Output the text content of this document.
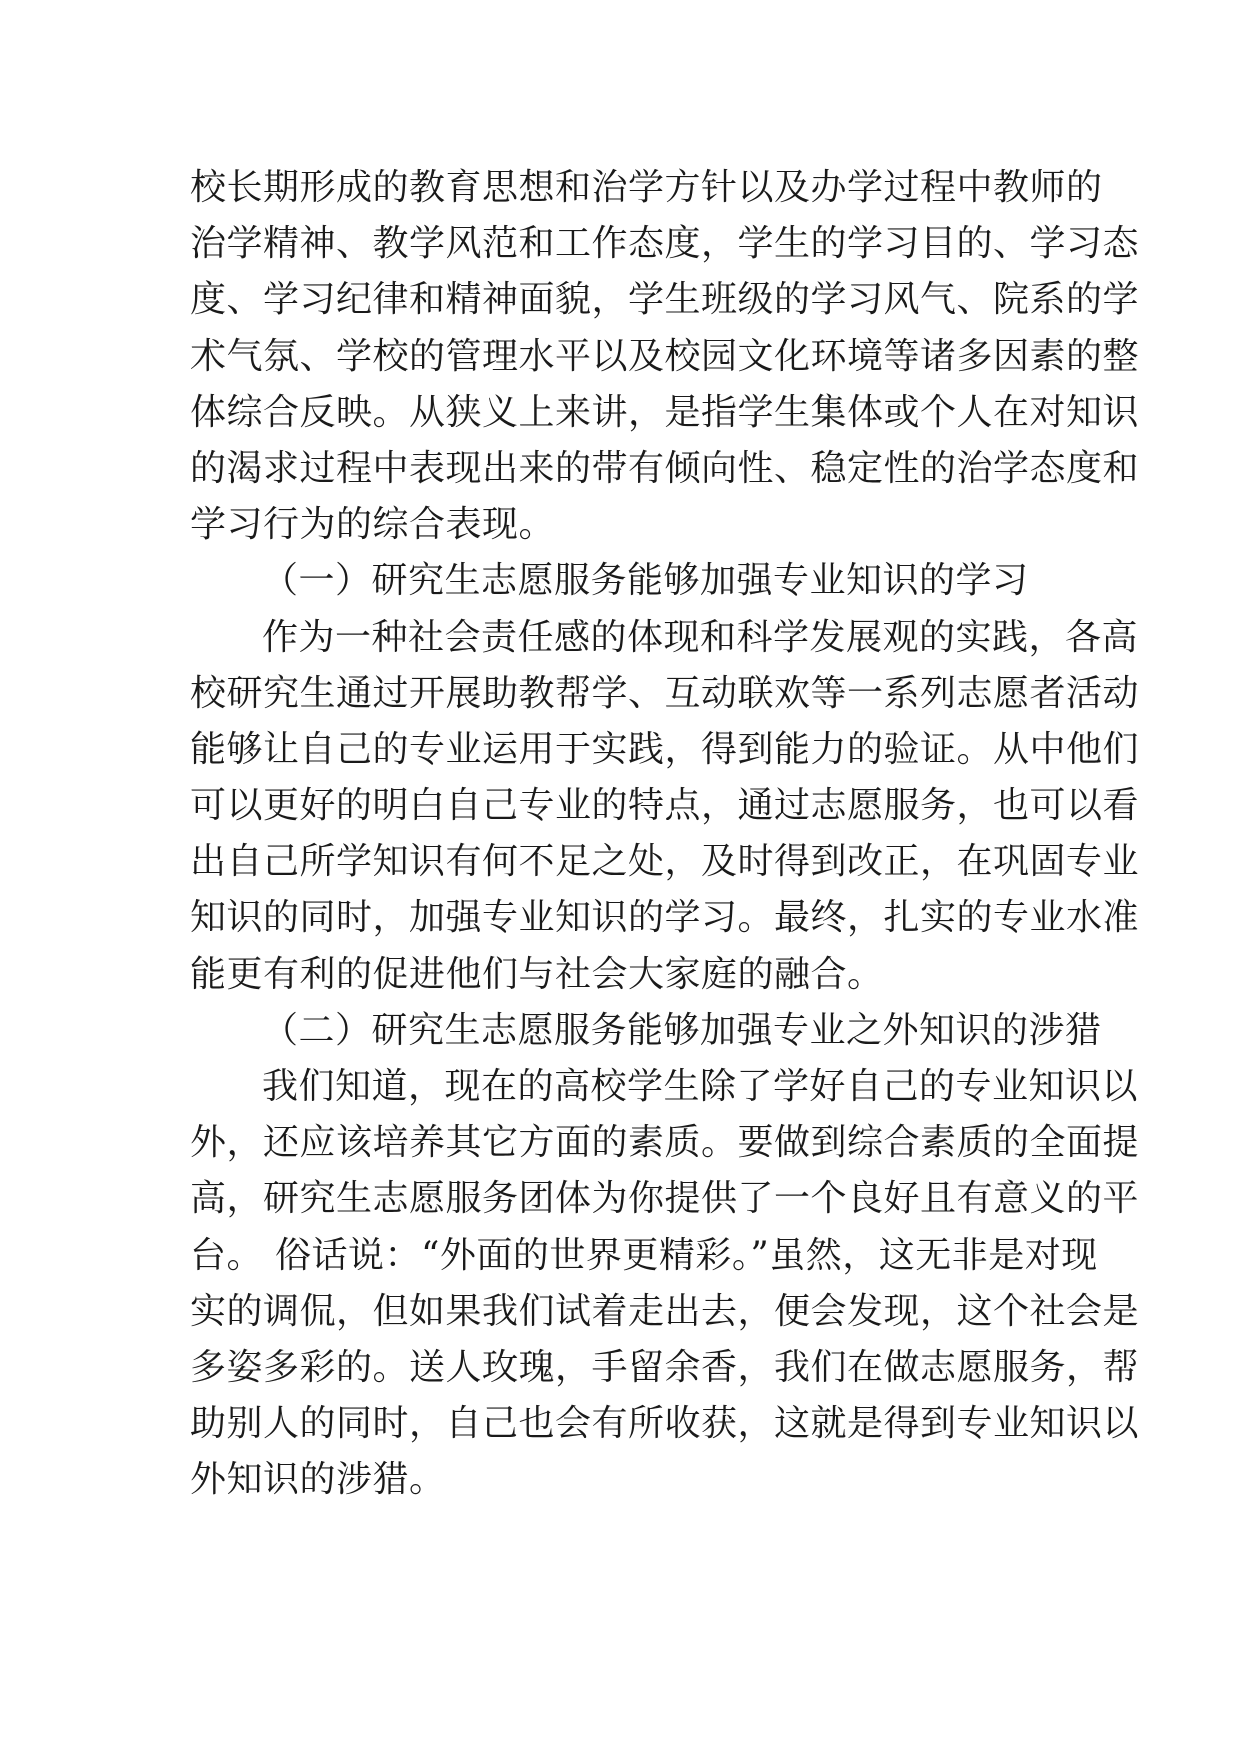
校长期形成的教育思想和治学方针以及办学过程中教师的
治学精神、教学风范和工作态度，学生的学习目的、学习态
度、学习纪律和精神面貌，学生班级的学习风气、院系的学
术气氛、学校的管理水平以及校园文化环境等诸多因素的整
体综合反映。从狭义上来讲，是指学生集体或个人在对知识
的渴求过程中表现出来的带有倾向性、稳定性的治学态度和
学习行为的综合表现。
（一）研究生志愿服务能够加强专业知识的学习
作为一种社会责任感的体现和科学发展观的实践，各高
校研究生通过开展助教帮学、互动联欢等一系列志愿者活动
能够让自己的专业运用于实践，得到能力的验证。从中他们
可以更好的明白自己专业的特点，通过志愿服务，也可以看
出自己所学知识有何不足之处，及时得到改正，在巩固专业
知识的同时，加强专业知识的学习。最终，扎实的专业水准
能更有利的促进他们与社会大家庭的融合。
（二）研究生志愿服务能够加强专业之外知识的涉猎
我们知道，现在的高校学生除了学好自己的专业知识以
外，还应该培养其它方面的素质。要做到综合素质的全面提
高，研究生志愿服务团体为你提供了一个良好且有意义的平
台。 俗话说：“外面的世界更精彩。”虽然，这无非是对现
实的调侃，但如果我们试着走出去，便会发现，这个社会是
多姿多彩的。送人玫瑰，手留余香，我们在做志愿服务，帮
助别人的同时，自己也会有所收获，这就是得到专业知识以
外知识的涉猎。
